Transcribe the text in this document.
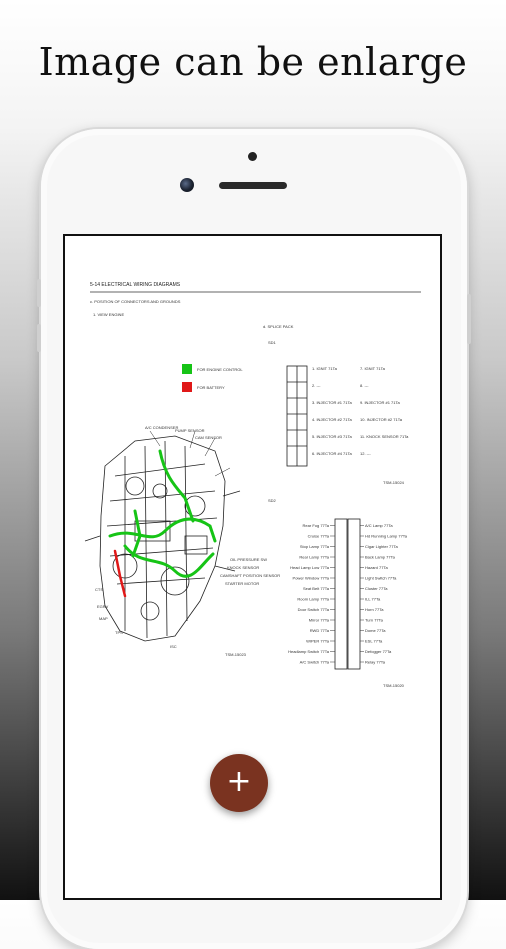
Image can be enlarge
5-14 ELECTRICAL WIRING DIAGRAMS
c. POSITION OF CONNECTORS AND GROUNDS
1. VIEW ENGINE
FOR ENGINE CONTROL
FOR BATTERY
A/C CONDENSER
PUMP SENSOR
CAM SENSOR
OIL PRESSURE SW
KNOCK SENSOR
CAMSHAFT POSITION SENSOR
STARTER MOTOR
CTS
EGRV
MAP
TPS
ISC
TSM-15023
d. SPLICE PACK
SD1
1. IGNIT 71Ta
2. ---
3. INJECTOR #1 71Ta
4. INJECTOR #2 71Ta
5. INJECTOR #3 71Ta
6. INJECTOR #4 71Ta
7. IGNIT 71Ta
8. ---
9. INJECTOR #1 71Ta
10. INJECTOR #2 71Ta
11. KNOCK SENSOR 71Ta
12. ---
TSM-15024
SD2
Rear Fog 77Ta
Cruise 77Ta
Stop Lamp 77Ta
Rear Lamp 77Ta
Head Lamp Low 77Ta
Power Window 77Ta
Seat Belt 77Ta
Room Lamp 77Ta
Door Switch 77Ta
Mirror 77Ta
RWD 77Ta
WIPER 77Ta
Headlamp Switch 77Ta
A/C Switch 77Ta
A/C Lamp 77Ta
Hd Running Lamp 77Ta
Cigar Lighter 77Ta
Back Lamp 77Ta
Hazard 77Ta
Light Switch 77Ta
Cluster 77Ta
ILL 77Ta
Horn 77Ta
Turn 77Ta
Dome 77Ta
ESL 77Ta
Defogger 77Ta
Relay 77Ta
TSM-15020
+
